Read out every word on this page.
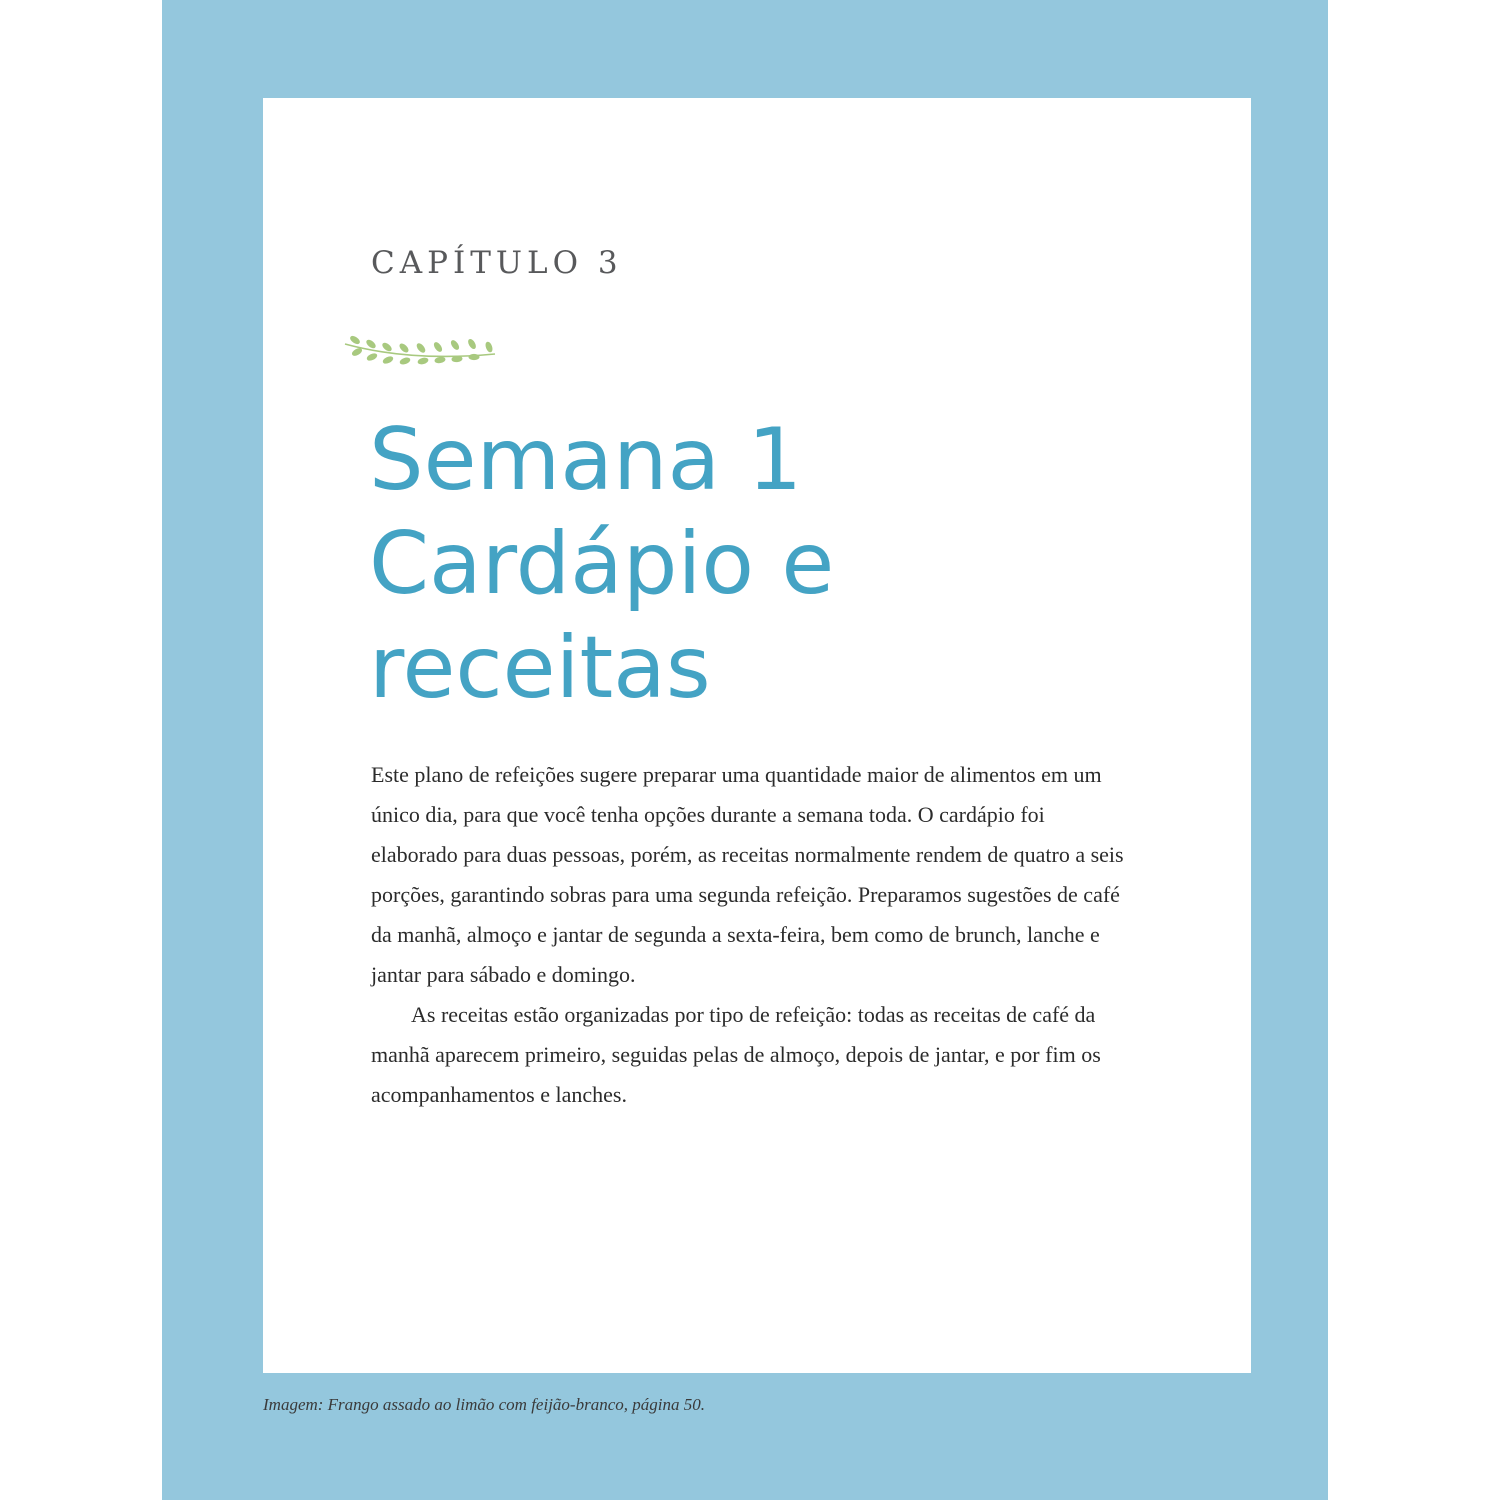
CAPÍTULO 3
Semana 1
Cardápio e
receitas

Este plano de refeições sugere preparar uma quantidade maior de alimentos em um único dia, para que você tenha opções durante a semana toda. O cardápio foi elaborado para duas pessoas, porém, as receitas normalmente rendem de quatro a seis porções, garantindo sobras para uma segunda refeição. Preparamos sugestões de café da manhã, almoço e jantar de segunda a sexta-feira, bem como de brunch, lanche e jantar para sábado e domingo.

As receitas estão organizadas por tipo de refeição: todas as receitas de café da manhã aparecem primeiro, seguidas pelas de almoço, depois de jantar, e por fim os acompanhamentos e lanches.

Imagem: Frango assado ao limão com feijão-branco, página 50.
